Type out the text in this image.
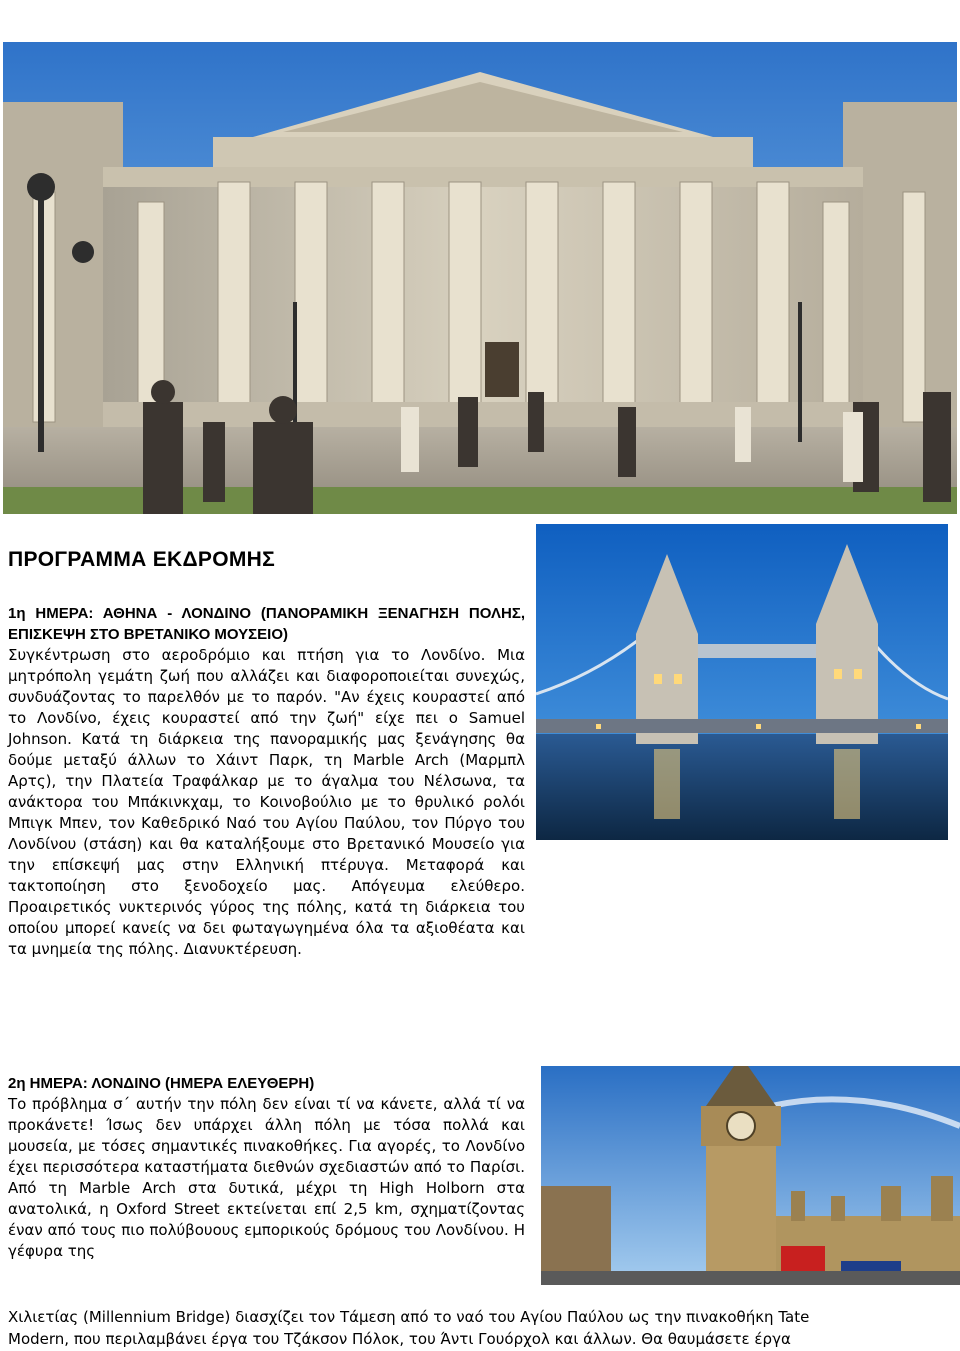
ΠΡΟΓΡΑΜΜΑ ΕΚΔΡΟΜΗΣ
1η ΗΜΕΡΑ: ΑΘΗΝΑ - ΛΟΝΔΙΝΟ (ΠΑΝΟΡΑΜΙΚΗ ΞΕΝΑΓΗΣΗ ΠΟΛΗΣ, ΕΠΙΣΚΕΨΗ ΣΤΟ ΒΡΕΤΑΝΙΚΟ ΜΟΥΣΕΙΟ)
Συγκέντρωση στο αεροδρόμιο και πτήση για το Λονδίνο. Μια μητρόπολη γεμάτη ζωή που αλλάζει και διαφοροποιείται συνεχώς, συνδυάζοντας το παρελθόν με το παρόν. "Αν έχεις κουραστεί από το Λονδίνο, έχεις κουραστεί από την ζωή" είχε πει ο Samuel Johnson. Κατά τη διάρκεια της πανοραμικής μας ξενάγησης θα δούμε μεταξύ άλλων το Χάιντ Παρκ, τη Marble Arch (Μαρμπλ Αρτς), την Πλατεία Τραφάλκαρ με το άγαλμα του Νέλσωνα, τα ανάκτορα του Μπάκινκχαμ, το Κοινοβούλιο με το θρυλικό ρολόι Μπιγκ Μπεν, τον Καθεδρικό Ναό του Αγίου Παύλου, τον Πύργο του Λονδίνου (στάση) και θα καταλήξουμε στο Βρετανικό Μουσείο για την επίσκεψή μας στην Ελληνική πτέρυγα. Μεταφορά και τακτοποίηση στο ξενοδοχείο μας. Απόγευμα ελεύθερο. Προαιρετικός νυκτερινός γύρος της πόλης, κατά τη διάρκεια του οποίου μπορεί κανείς να δει φωταγωγημένα όλα τα αξιοθέατα και τα μνημεία της πόλης. Διανυκτέρευση.
2η ΗΜΕΡΑ: ΛΟΝΔΙΝΟ (ΗΜΕΡΑ ΕΛΕΥΘΕΡΗ)
Το πρόβλημα σ΄ αυτήν την πόλη δεν είναι τί να κάνετε, αλλά τί να προκάνετε! Ίσως δεν υπάρχει άλλη πόλη με τόσα πολλά και μουσεία, με τόσες σημαντικές πινακοθήκες. Για αγορές, το Λονδίνο έχει περισσότερα καταστήματα διεθνών σχεδιαστών από το Παρίσι. Από τη Marble Arch στα δυτικά, μέχρι τη High Holborn στα ανατολικά, η Oxford Street εκτείνεται επί 2,5 km, σχηματίζοντας έναν από τους πιο πολύβουους εμπορικούς δρόμους του Λονδίνου. Η γέφυρα της
Χιλιετίας (Millennium Bridge) διασχίζει τον Τάμεση από το ναό του Αγίου Παύλου ως την πινακοθήκη Tate
Modern, που περιλαμβάνει έργα του Τζάκσον Πόλοκ, του Άντι Γουόρχολ και άλλων. Θα θαυμάσετε έργα
